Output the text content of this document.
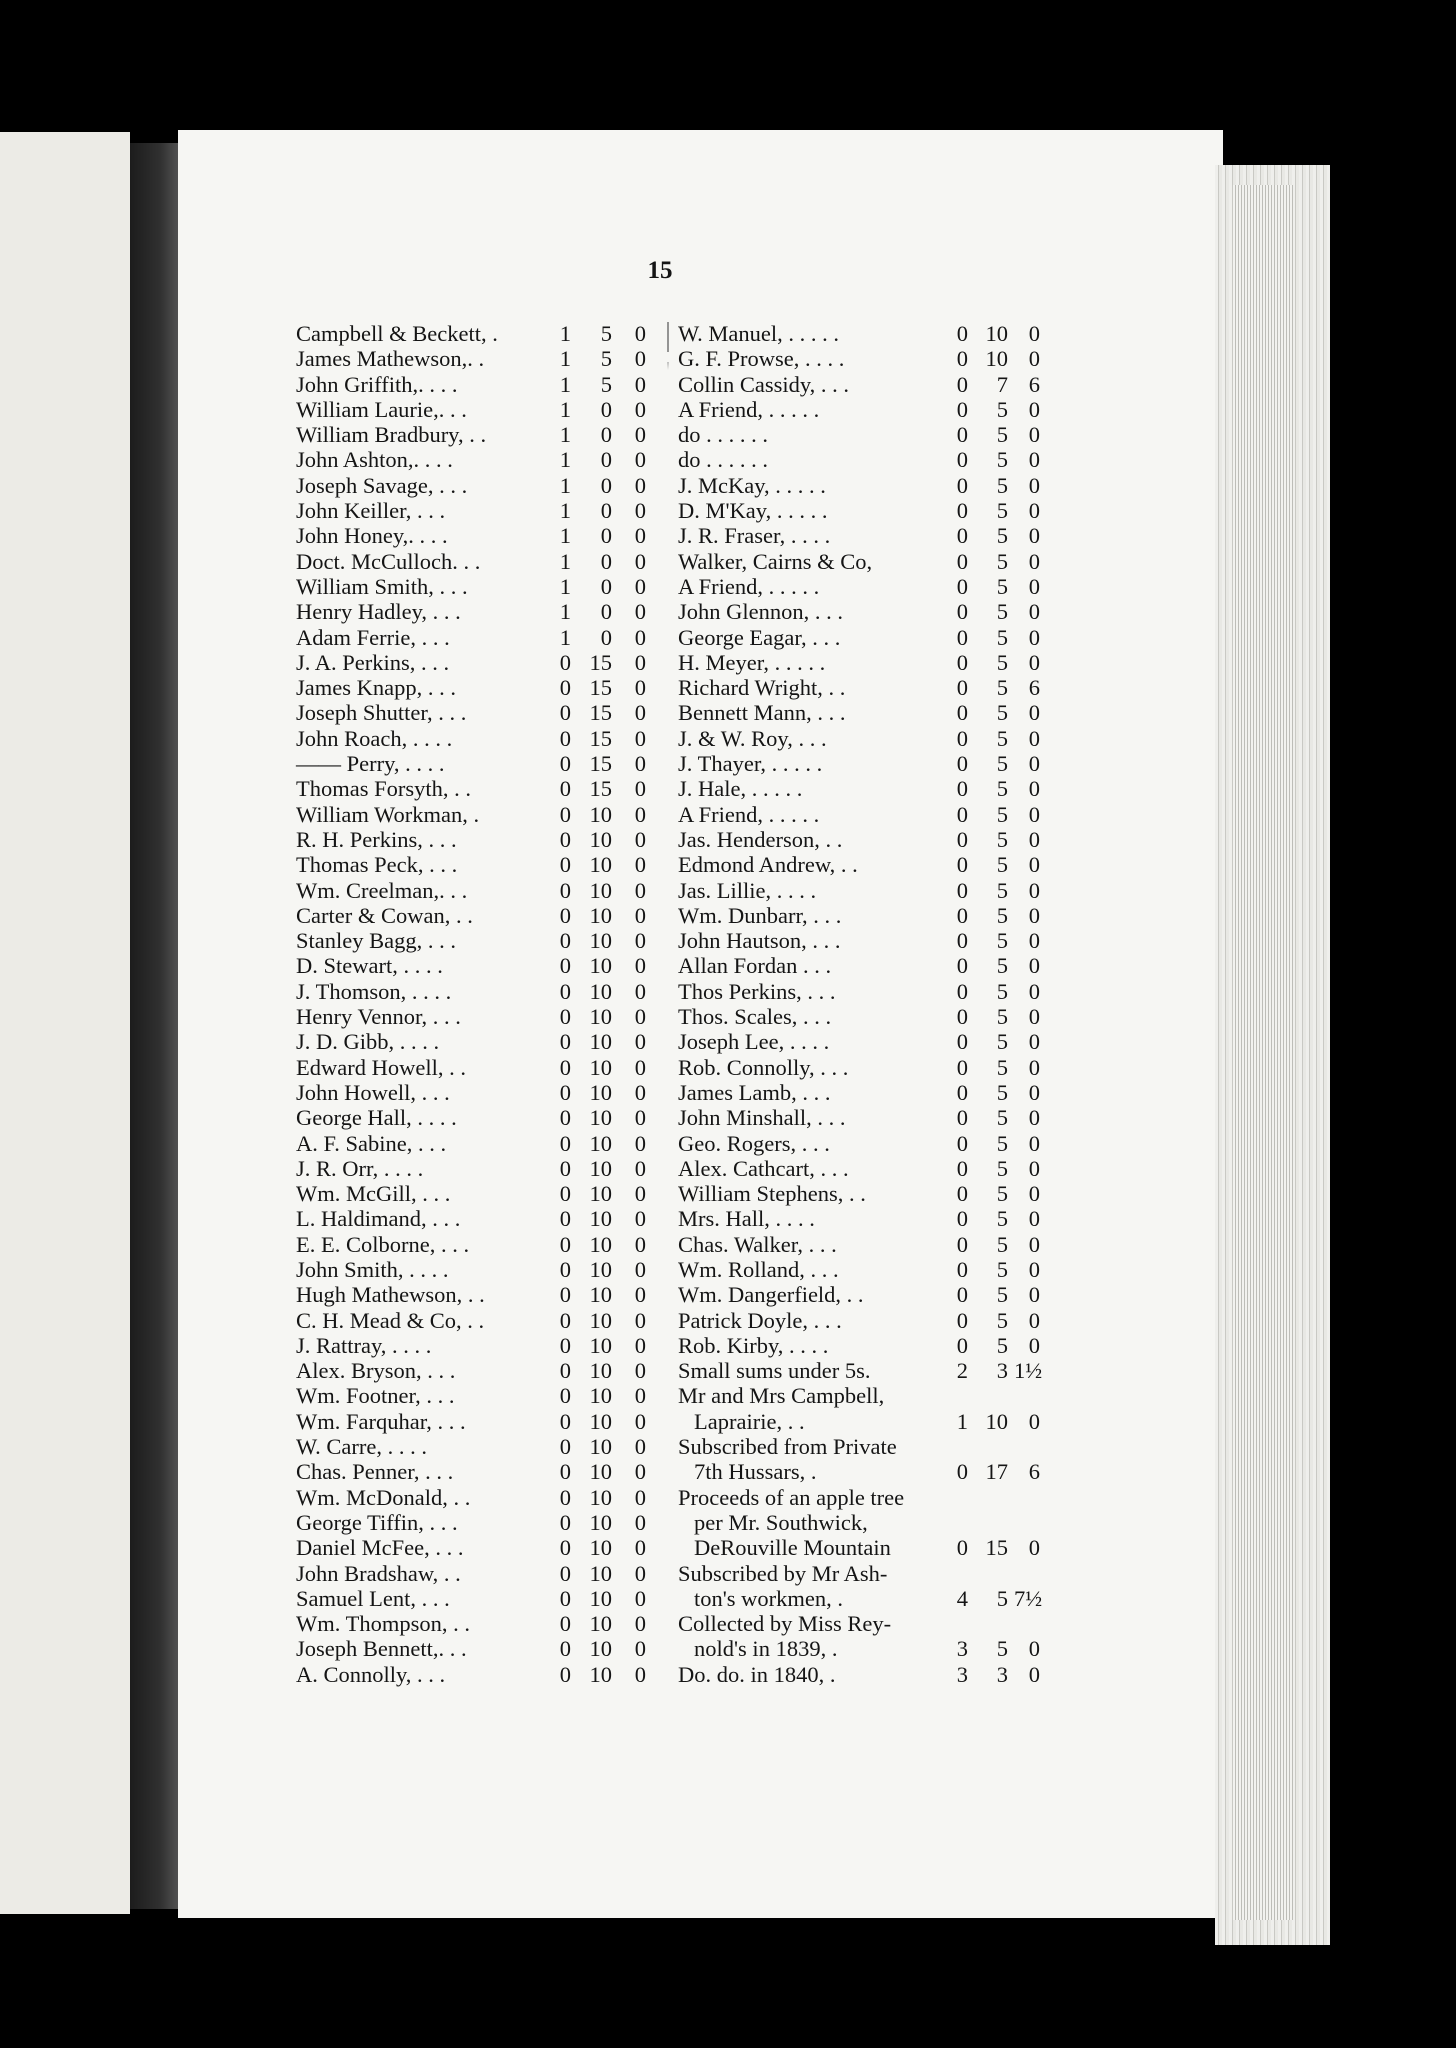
15
Campbell & Beckett, .	1	5	0
James Mathewson,. .	1	5	0
John Griffith,. . . .	1	5	0
William Laurie,. . .	1	0	0
William Bradbury, . .	1	0	0
John Ashton,. . . .	1	0	0
Joseph Savage, . . .	1	0	0
John Keiller, . . .	1	0	0
John Honey,. . . .	1	0	0
Doct. McCulloch. . .	1	0	0
William Smith, . . .	1	0	0
Henry Hadley, . . .	1	0	0
Adam Ferrie, . . .	1	0	0
J. A. Perkins, . . .	0 15	0
James Knapp, . . .	0 15	0
Joseph Shutter, . . .	0 15	0
John Roach, . . . .	0 15	0
—— Perry, . . . .	0 15	0
Thomas Forsyth, . .	0 15	0
William Workman, .	0 10	0
R. H. Perkins, . . .	0 10	0
Thomas Peck, . . .	0 10	0
Wm. Creelman,. . .	0 10	0
Carter & Cowan, . .	0 10	0
Stanley Bagg, . . .	0 10	0
D. Stewart, . . . .	0 10	0
J. Thomson, . . . .	0 10	0
Henry Vennor, . . .	0 10	0
J. D. Gibb, . . . .	0 10	0
Edward Howell, . .	0 10	0
John Howell, . . .	0 10	0
George Hall, . . . .	0 10	0
A. F. Sabine, . . .	0 10	0
J. R. Orr, . . . .	0 10	0
Wm. McGill, . . .	0 10	0
L. Haldimand, . . .	0 10	0
E. E. Colborne, . . .	0 10	0
John Smith, . . . .	0 10	0
Hugh Mathewson, . .	0 10	0
C. H. Mead & Co, . .	0 10	0
J. Rattray, . . . .	0 10	0
Alex. Bryson, . . .	0 10	0
Wm. Footner, . . .	0 10	0
Wm. Farquhar, . . .	0 10	0
W. Carre, . . . .	0 10	0
Chas. Penner, . . .	0 10	0
Wm. McDonald, . .	0 10	0
George Tiffin, . . .	0 10	0
Daniel McFee, . . .	0 10	0
John Bradshaw, . .	0 10	0
Samuel Lent, . . .	0 10	0
Wm. Thompson, . .	0 10	0
Joseph Bennett,. . .	0 10	0
A. Connolly, . . .	0 10	0
W. Manuel, . . . . .	0 10 0
G. F. Prowse, . . . .	0 10 0
Collin Cassidy, . . .	0	7 6
A Friend, . . . . .	0	5 0
do . . . . . .	0	5 0
do . . . . . .	0	5 0
J. McKay, . . . . .	0	5 0
D. M'Kay, . . . . .	0	5 0
J. R. Fraser, . . . .	0	5 0
Walker, Cairns & Co,	0	5 0
A Friend, . . . . .	0	5 0
John Glennon, . . .	0	5 0
George Eagar, . . .	0	5 0
H. Meyer, . . . . .	0	5 0
Richard Wright, . .	0	5 6
Bennett Mann, . . .	0	5 0
J. & W. Roy, . . .	0	5 0
J. Thayer, . . . . .	0	5 0
J. Hale, . . . . .	0	5 0
A Friend, . . . . .	0	5 0
Jas. Henderson, . .	0	5 0
Edmond Andrew, . .	0	5 0
Jas. Lillie, . . . .	0	5 0
Wm. Dunbarr, . . .	0	5 0
John Hautson, . . .	0	5 0
Allan Fordan . . .	0	5 0
Thos Perkins, . . .	0	5 0
Thos. Scales, . . .	0	5 0
Joseph Lee, . . . .	0	5 0
Rob. Connolly, . . .	0	5 0
James Lamb, . . .	0	5 0
John Minshall, . . .	0	5 0
Geo. Rogers, . . .	0	5 0
Alex. Cathcart, . . .	0	5 0
William Stephens, . .	0	5 0
Mrs. Hall, . . . .	0	5 0
Chas. Walker, . . .	0	5 0
Wm. Rolland, . . .	0	5 0
Wm. Dangerfield, . .	0	5 0
Patrick Doyle, . . .	0	5 0
Rob. Kirby, . . . .	0	5 0
Small sums under 5s.	2	3 1½
Mr and Mrs Campbell,
Laprairie, . .	1 10 0
Subscribed from Private
7th Hussars, .	0 17 6
Proceeds of an apple tree
per Mr. Southwick,
DeRouville Mountain	0 15 0
Subscribed by Mr Ash-
ton's workmen, .	4	5 7½
Collected by Miss Rey-
nold's in 1839, .	3	5 0
Do. do. in 1840, .	3	3 0
